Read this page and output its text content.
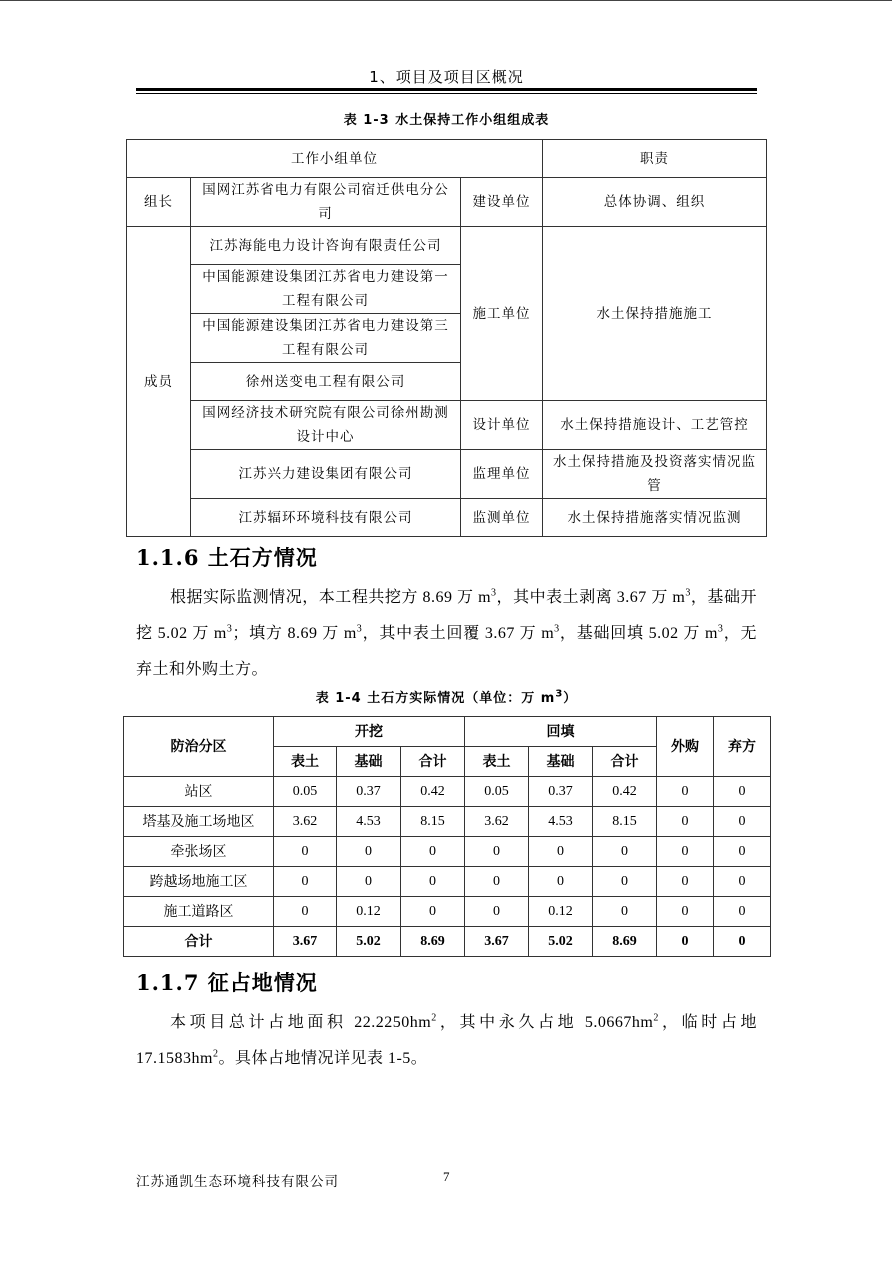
1、项目及项目区概况
表 1-3 水土保持工作小组组成表
工作小组单位			职责
组长	国网江苏省电力有限公司宿迁供电分公司	建设单位	总体协调、组织
成员	江苏海能电力设计咨询有限责任公司	施工单位	水土保持措施施工
	中国能源建设集团江苏省电力建设第一工程有限公司		
	中国能源建设集团江苏省电力建设第三工程有限公司		
	徐州送变电工程有限公司		
	国网经济技术研究院有限公司徐州勘测设计中心	设计单位	水土保持措施设计、工艺管控
	江苏兴力建设集团有限公司	监理单位	水土保持措施及投资落实情况监管
	江苏辐环环境科技有限公司	监测单位	水土保持措施落实情况监测
1.1.6 土石方情况

根据实际监测情况，本工程共挖方 8.69 万 $m^3$，其中表土剥离 3.67 万 $m^3$，基础开挖 5.02 万 $m^3$；填方 8.69 万 $m^3$，其中表土回覆 3.67 万 $m^3$，基础回填 5.02 万 $m^3$，无弃土和外购土方。

表 1-4 土石方实际情况（单位：万 $m^3$）
防治分区	开挖			回填			外购	弃方
	表土	基础	合计	表土	基础	合计		
站区	0.05	0.37	0.42	0.05	0.37	0.42	0	0
塔基及施工场地区	3.62	4.53	8.15	3.62	4.53	8.15	0	0
牵张场区	0	0	0	0	0	0	0	0
跨越场地施工区	0	0	0	0	0	0	0	0
施工道路区	0	0.12	0	0	0.12	0	0	0
合计	3.67	5.02	8.69	3.67	5.02	8.69	0	0
1.1.7 征占地情况

本项目总计占地面积 $22.2250hm^2$，其中永久占地 $5.0667hm^2$，临时占地 $17.1583hm^2$。具体占地情况详见表 1-5。

江苏通凯生态环境科技有限公司	7
